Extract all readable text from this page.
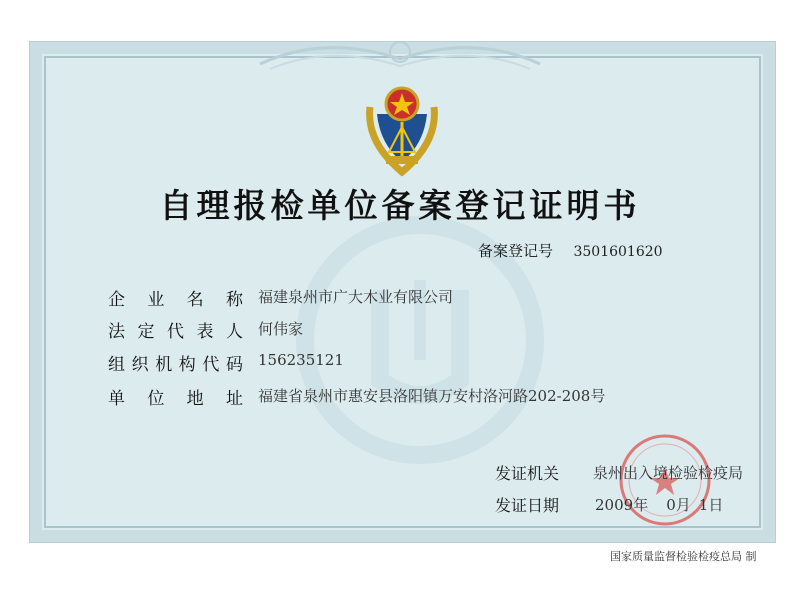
自理报检单位备案登记证明书
备案登记号 3501601620
企业名称 福建泉州市广大木业有限公司
法定代表人 何伟家
组织机构代码 156235121
单位地址 福建省泉州市惠安县洛阳镇万安村洛河路202-208号
发证机关 泉州出入境检验检疫局
发证日期 2009年 0月 1日
国家质量监督检验检疫总局 制
